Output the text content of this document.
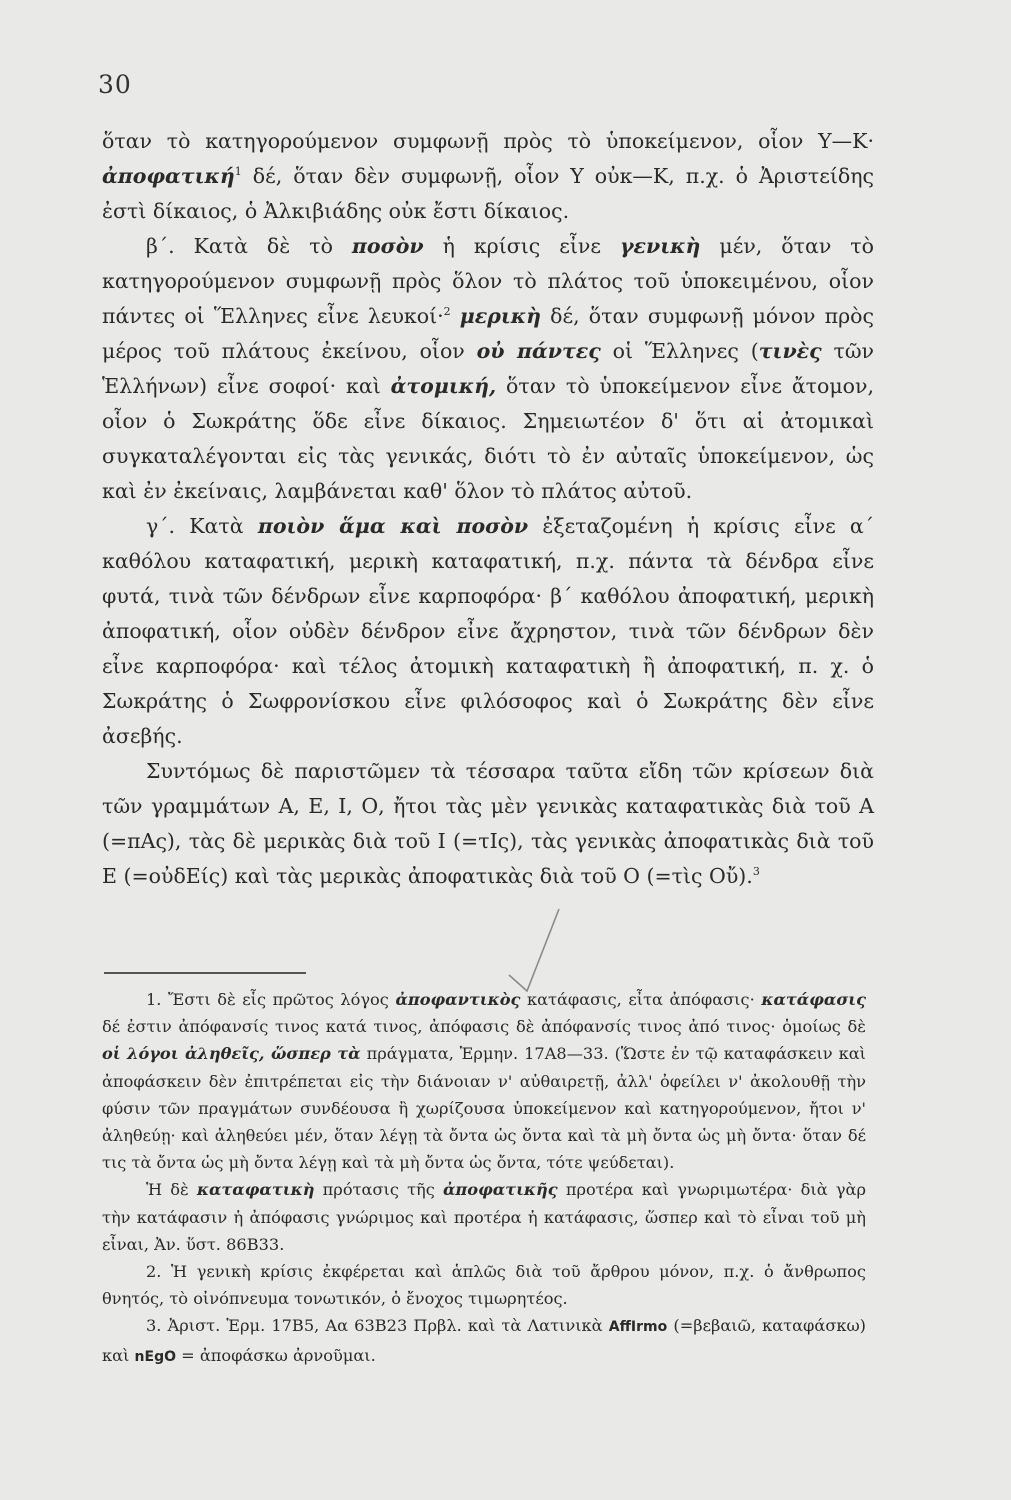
30

ὅταν τὸ κατηγορούμενον συμφωνῇ πρὸς τὸ ὑποκείμενον, οἷον Υ—Κ· ἀποφατική$^1$ δέ, ὅταν δὲν συμφωνῇ, οἷον Υ οὐκ—Κ, π.χ. ὁ Ἀριστείδης ἐστὶ δίκαιος, ὁ Ἀλκιβιάδης οὐκ ἔστι δίκαιος.

β΄. Κατὰ δὲ τὸ ποσὸν ἡ κρίσις εἶνε γενικὴ μέν, ὅταν τὸ κατηγορούμενον συμφωνῇ πρὸς ὅλον τὸ πλάτος τοῦ ὑποκειμένου, οἷον πάντες οἱ Ἕλληνες εἶνε λευκοί·$^2$ μερικὴ δέ, ὅταν συμφωνῇ μόνον πρὸς μέρος τοῦ πλάτους ἐκείνου, οἷον οὐ πάντες οἱ Ἕλληνες (τινὲς τῶν Ἑλλήνων) εἶνε σοφοί· καὶ ἀτομική, ὅταν τὸ ὑποκείμενον εἶνε ἄτομον, οἷον ὁ Σωκράτης ὅδε εἶνε δίκαιος. Σημειωτέον δ' ὅτι αἱ ἀτομικαὶ συγκαταλέγονται εἰς τὰς γενικάς, διότι τὸ ἐν αὐταῖς ὑποκείμενον, ὡς καὶ ἐν ἐκείναις, λαμβάνεται καθ' ὅλον τὸ πλάτος αὐτοῦ.

γ΄. Κατὰ ποιὸν ἅμα καὶ ποσὸν ἐξεταζομένη ἡ κρίσις εἶνε α΄ καθόλου καταφατική, μερικὴ καταφατική, π.χ. πάντα τὰ δένδρα εἶνε φυτά, τινὰ τῶν δένδρων εἶνε καρποφόρα· β΄ καθόλου ἀποφατική, μερικὴ ἀποφατική, οἷον οὐδὲν δένδρον εἶνε ἄχρηστον, τινὰ τῶν δένδρων δὲν εἶνε καρποφόρα· καὶ τέλος ἀτομικὴ καταφατικὴ ἢ ἀποφατική, π. χ. ὁ Σωκράτης ὁ Σωφρονίσκου εἶνε φιλόσοφος καὶ ὁ Σωκράτης δὲν εἶνε ἀσεβής.

Συντόμως δὲ παριστῶμεν τὰ τέσσαρα ταῦτα εἴδη τῶν κρίσεων διὰ τῶν γραμμάτων Α, Ε, Ι, Ο, ἤτοι τὰς μὲν γενικὰς καταφατικὰς διὰ τοῦ Α (=πΑς), τὰς δὲ μερικὰς διὰ τοῦ Ι (=τΙς), τὰς γενικὰς ἀποφατικὰς διὰ τοῦ Ε (=οὐδΕίς) καὶ τὰς μερικὰς ἀποφατικὰς διὰ τοῦ Ο (=τὶς Οὔ).$^3$

1. Ἔστι δὲ εἷς πρῶτος λόγος ἀποφαντικὸς κατάφασις, εἶτα ἀπόφασις· κατάφασις δέ ἐστιν ἀπόφανσίς τινος κατά τινος, ἀπόφασις δὲ ἀπόφανσίς τινος ἀπό τινος· ὁμοίως δὲ οἱ λόγοι ἀληθεῖς, ὥσπερ τὰ πράγματα, Ἑρμην. 17Α8—33. (Ὥστε ἐν τῷ καταφάσκειν καὶ ἀποφάσκειν δὲν ἐπιτρέπεται εἰς τὴν διάνοιαν ν' αὐθαιρετῇ, ἀλλ' ὀφείλει ν' ἀκολουθῇ τὴν φύσιν τῶν πραγμάτων συνδέουσα ἢ χωρίζουσα ὑποκείμενον καὶ κατηγορούμενον, ἤτοι ν' ἀληθεύῃ· καὶ ἀληθεύει μέν, ὅταν λέγῃ τὰ ὄντα ὡς ὄντα καὶ τὰ μὴ ὄντα ὡς μὴ ὄντα· ὅταν δέ τις τὰ ὄντα ὡς μὴ ὄντα λέγῃ καὶ τὰ μὴ ὄντα ὡς ὄντα, τότε ψεύδεται).

Ἡ δὲ καταφατικὴ πρότασις τῆς ἀποφατικῆς προτέρα καὶ γνωριμωτέρα· διὰ γὰρ τὴν κατάφασιν ἡ ἀπόφασις γνώριμος καὶ προτέρα ἡ κατάφασις, ὥσπερ καὶ τὸ εἶναι τοῦ μὴ εἶναι, Ἀν. ὕστ. 86Β33.

2. Ἡ γενικὴ κρίσις ἐκφέρεται καὶ ἁπλῶς διὰ τοῦ ἄρθρου μόνον, π.χ. ὁ ἄνθρωπος θνητός, τὸ οἰνόπνευμα τονωτικόν, ὁ ἔνοχος τιμωρητέος.

3. Ἀριστ. Ἑρμ. 17Β5, Αα 63Β23 Πρβλ. καὶ τὰ Λατινικὰ AffIrmo (=βεβαιῶ, καταφάσκω) καὶ nEgO = ἀποφάσκω ἀρνοῦμαι.
